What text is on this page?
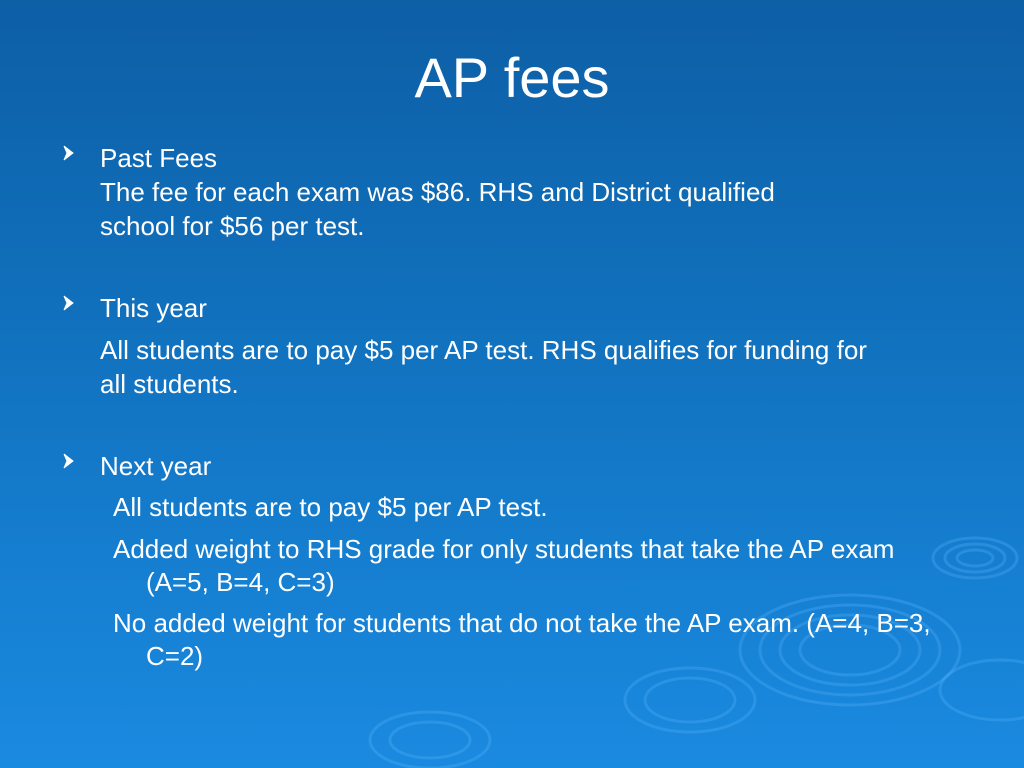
AP fees
Past Fees
The fee for each exam was $86. RHS and District qualified school for $56 per test.
This year
All students are to pay $5 per AP test. RHS qualifies for funding for all students.
Next year
All students are to pay $5 per AP test.
Added weight to RHS grade for only students that take the AP exam (A=5, B=4, C=3)
No added weight for students that do not take the AP exam. (A=4, B=3, C=2)
